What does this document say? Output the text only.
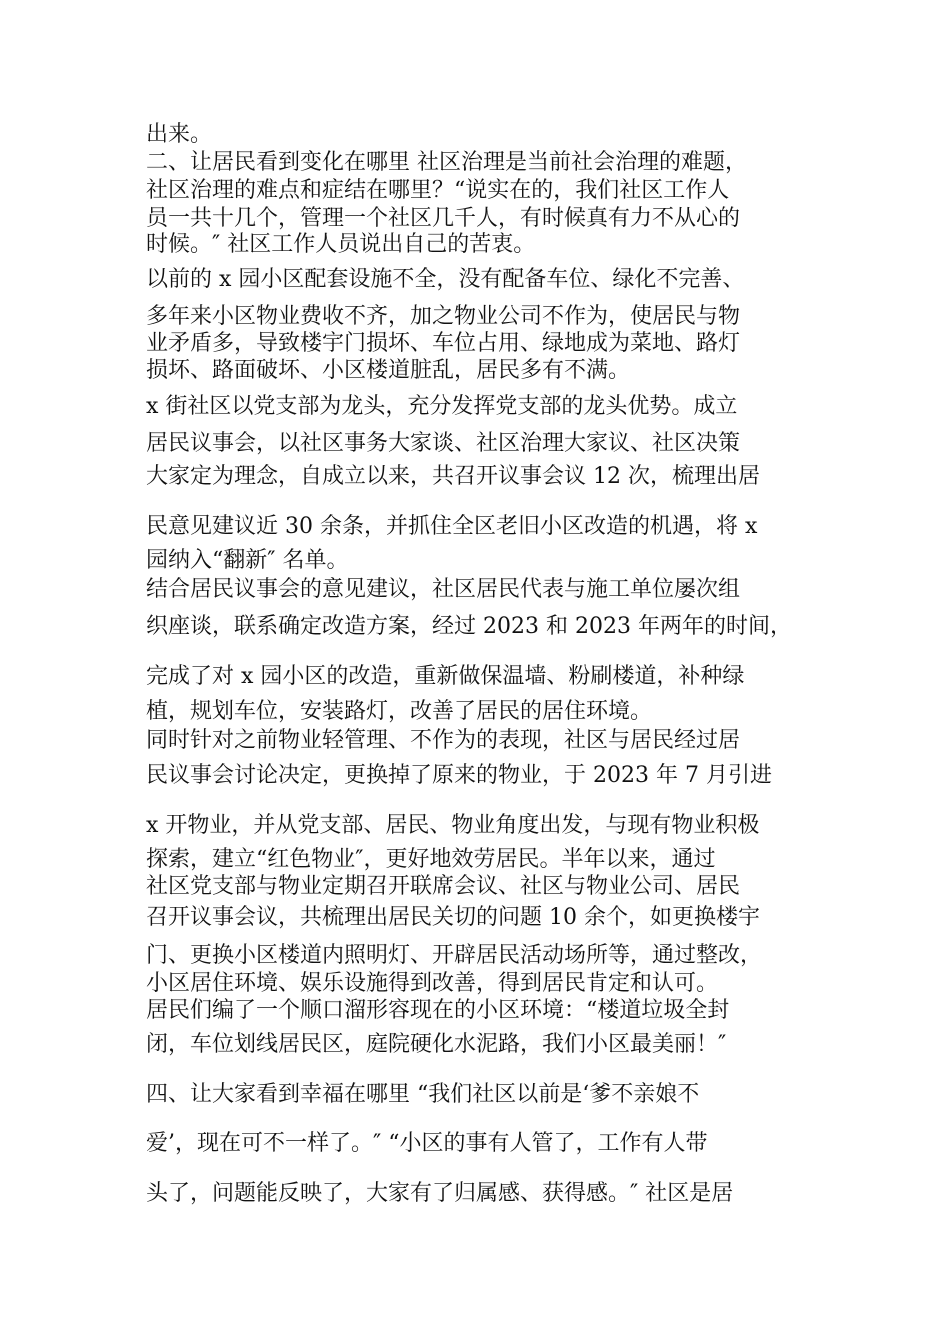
出来。

二、让居民看到变化在哪里 社区治理是当前社会治理的难题，

社区治理的难点和症结在哪里？“说实在的，我们社区工作人

员一共十几个，管理一个社区几千人，有时候真有力不从心的

时候。″ 社区工作人员说出自己的苦衷。

以前的 x 园小区配套设施不全，没有配备车位、绿化不完善、

多年来小区物业费收不齐，加之物业公司不作为，使居民与物

业矛盾多，导致楼宇门损坏、车位占用、绿地成为菜地、路灯

损坏、路面破坏、小区楼道脏乱，居民多有不满。

x 街社区以党支部为龙头，充分发挥党支部的龙头优势。成立

居民议事会，以社区事务大家谈、社区治理大家议、社区决策

大家定为理念，自成立以来，共召开议事会议 12 次，梳理出居

民意见建议近 30 余条，并抓住全区老旧小区改造的机遇，将 x

园纳入“翻新″ 名单。

结合居民议事会的意见建议，社区居民代表与施工单位屡次组

织座谈，联系确定改造方案，经过 2023 和 2023 年两年的时间，

完成了对 x 园小区的改造，重新做保温墙、粉刷楼道，补种绿

植，规划车位，安装路灯，改善了居民的居住环境。

同时针对之前物业轻管理、不作为的表现，社区与居民经过居

民议事会讨论决定，更换掉了原来的物业，于 2023 年 7 月引进

x 开物业，并从党支部、居民、物业角度出发，与现有物业积极

探索，建立“红色物业″，更好地效劳居民。半年以来，通过

社区党支部与物业定期召开联席会议、社区与物业公司、居民

召开议事会议，共梳理出居民关切的问题 10 余个，如更换楼宇

门、更换小区楼道内照明灯、开辟居民活动场所等，通过整改，

小区居住环境、娱乐设施得到改善，得到居民肯定和认可。

居民们编了一个顺口溜形容现在的小区环境：“楼道垃圾全封

闭，车位划线居民区，庭院硬化水泥路，我们小区最美丽！″

四、让大家看到幸福在哪里 “我们社区以前是‘爹不亲娘不

爱’，现在可不一样了。″ “小区的事有人管了，工作有人带

头了，问题能反映了，大家有了归属感、获得感。″ 社区是居
